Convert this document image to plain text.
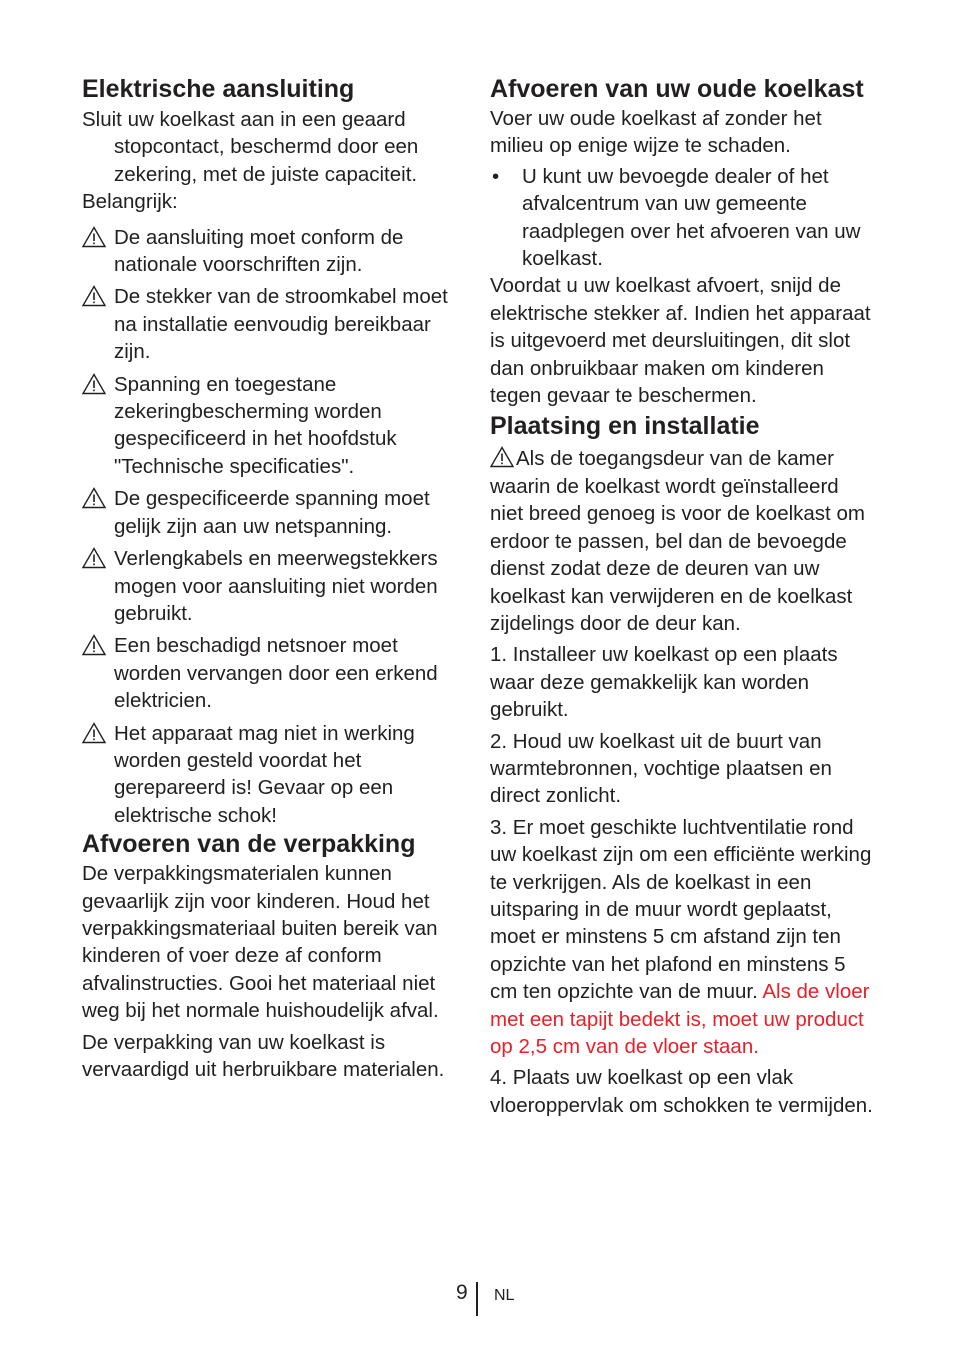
Elektrische aansluiting

Sluit uw koelkast aan in een geaard stopcontact, beschermd door een zekering, met de juiste capaciteit.

Belangrijk:

De aansluiting moet conform de nationale voorschriften zijn.
De stekker van de stroomkabel moet na installatie eenvoudig bereikbaar zijn.
Spanning en toegestane zekeringbescherming worden gespecificeerd in het hoofdstuk "Technische specificaties".
De gespecificeerde spanning moet gelijk zijn aan uw netspanning.
Verlengkabels en meerwegstekkers mogen voor aansluiting niet worden gebruikt.
Een beschadigd netsnoer moet worden vervangen door een erkend elektricien.
Het apparaat mag niet in werking worden gesteld voordat het gerepareerd is! Gevaar op een elektrische schok!
Afvoeren van de verpakking

De verpakkingsmaterialen kunnen gevaarlijk zijn voor kinderen. Houd het verpakkingsmateriaal buiten bereik van kinderen of voer deze af conform afvalinstructies. Gooi het materiaal niet weg bij het normale huishoudelijk afval.

De verpakking van uw koelkast is vervaardigd uit herbruikbare materialen.

Afvoeren van uw oude koelkast

Voer uw oude koelkast af zonder het milieu op enige wijze te schaden.

• U kunt uw bevoegde dealer of het afvalcentrum van uw gemeente raadplegen over het afvoeren van uw koelkast.

Voordat u uw koelkast afvoert, snijd de elektrische stekker af. Indien het apparaat is uitgevoerd met deursluitingen, dit slot dan onbruikbaar maken om kinderen tegen gevaar te beschermen.

Plaatsing en installatie

Als de toegangsdeur van de kamer waarin de koelkast wordt geïnstalleerd niet breed genoeg is voor de koelkast om erdoor te passen, bel dan de bevoegde dienst zodat deze de deuren van uw koelkast kan verwijderen en de koelkast zijdelings door de deur kan.

1. Installeer uw koelkast op een plaats waar deze gemakkelijk kan worden gebruikt.

2. Houd uw koelkast uit de buurt van warmtebronnen, vochtige plaatsen en direct zonlicht.

3. Er moet geschikte luchtventilatie rond uw koelkast zijn om een efficiënte werking te verkrijgen. Als de koelkast in een uitsparing in de muur wordt geplaatst, moet er minstens 5 cm afstand zijn ten opzichte van het plafond en minstens 5 cm ten opzichte van de muur. Als de vloer met een tapijt bedekt is, moet uw product op 2,5 cm van de vloer staan.

4. Plaats uw koelkast op een vlak vloeroppervlak om schokken te vermijden.

9 NL
